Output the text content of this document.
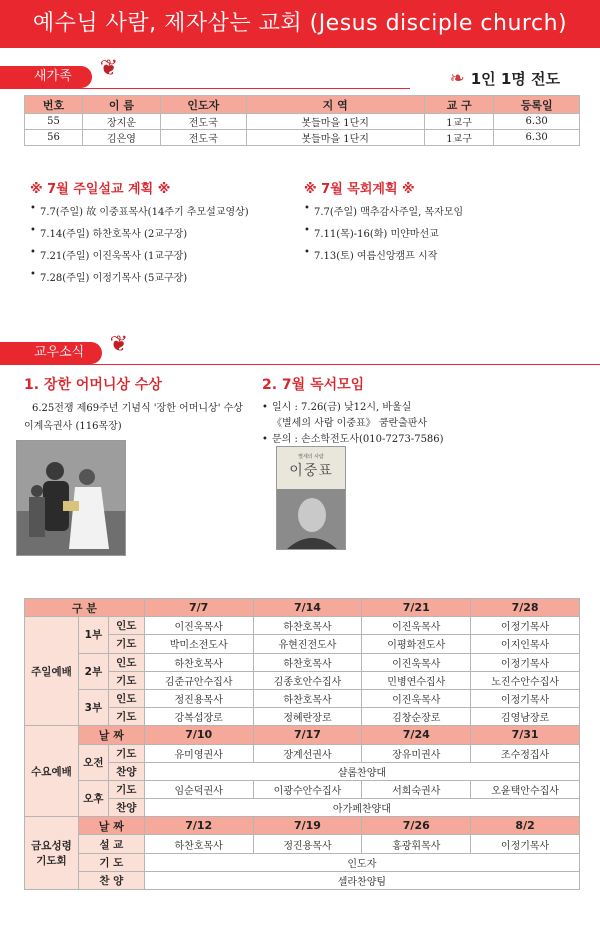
예수님 사람, 제자삼는 교회 (Jesus disciple church)
새가족 ❦	❧ 1인 1명 전도
번호	이 름	인도자	지 역	교 구	등록일
55	장지운	전도국	봇들마을 1단지	1교구	6.30
56	김은영	전도국	봇들마을 1단지	1교구	6.30
※ 7월 주일설교 계획 ※
• 7.7(주일) 故 이중표목사(14주기 추모설교영상)
• 7.14(주일) 하찬호목사 (2교구장)
• 7.21(주일) 이진욱목사 (1교구장)
• 7.28(주일) 이정기목사 (5교구장)
※ 7월 목회계획 ※
• 7.7(주일) 맥추감사주일, 목자모임
• 7.11(목)-16(화) 미얀마선교
• 7.13(토) 여름신앙캠프 시작
교우소식 ❦
1. 장한 어머니상 수상

6.25전쟁 제69주년 기념식 '장한 어머니상' 수상

이계옥권사 (116목장)

2. 7월 독서모임
• 일시 : 7.26(금) 낮12시, 바울실
《별세의 사람 이중표》 쿰란출판사
• 문의 : 손소학전도사(010-7273-7586)
별세의 사람
이중표
구 분			7/7	7/14	7/21	7/28
주일예배	1부	인도	이진욱목사	하찬호목사	이진욱목사	이정기목사
		기도	박미소전도사	유현진전도사	이평화전도사	이지인목사
	2부	인도	하찬호목사	하찬호목사	이진욱목사	이정기목사
		기도	김준규안수집사	김종호안수집사	민병연수집사	노진수안수집사
	3부	인도	정진용목사	하찬호목사	이진욱목사	이정기목사
		기도	강복섭장로	정혜란장로	김창순장로	김영남장로
수요예배	날 짜		7/10	7/17	7/24	7/31
	오전	기도	유미영권사	장계선권사	장유미권사	조수정집사
		찬양	샬롬찬양대			
	오후	기도	임순덕권사	이광수안수집사	서희숙권사	오윤택안수집사
		찬양	아가페찬양대			
금요성령 기도회	날 짜		7/12	7/19	7/26	8/2
	설 교		하찬호목사	정진용목사	홍광휘목사	이정기목사
	기 도		인도자			
	찬 양		셀라찬양팀			
